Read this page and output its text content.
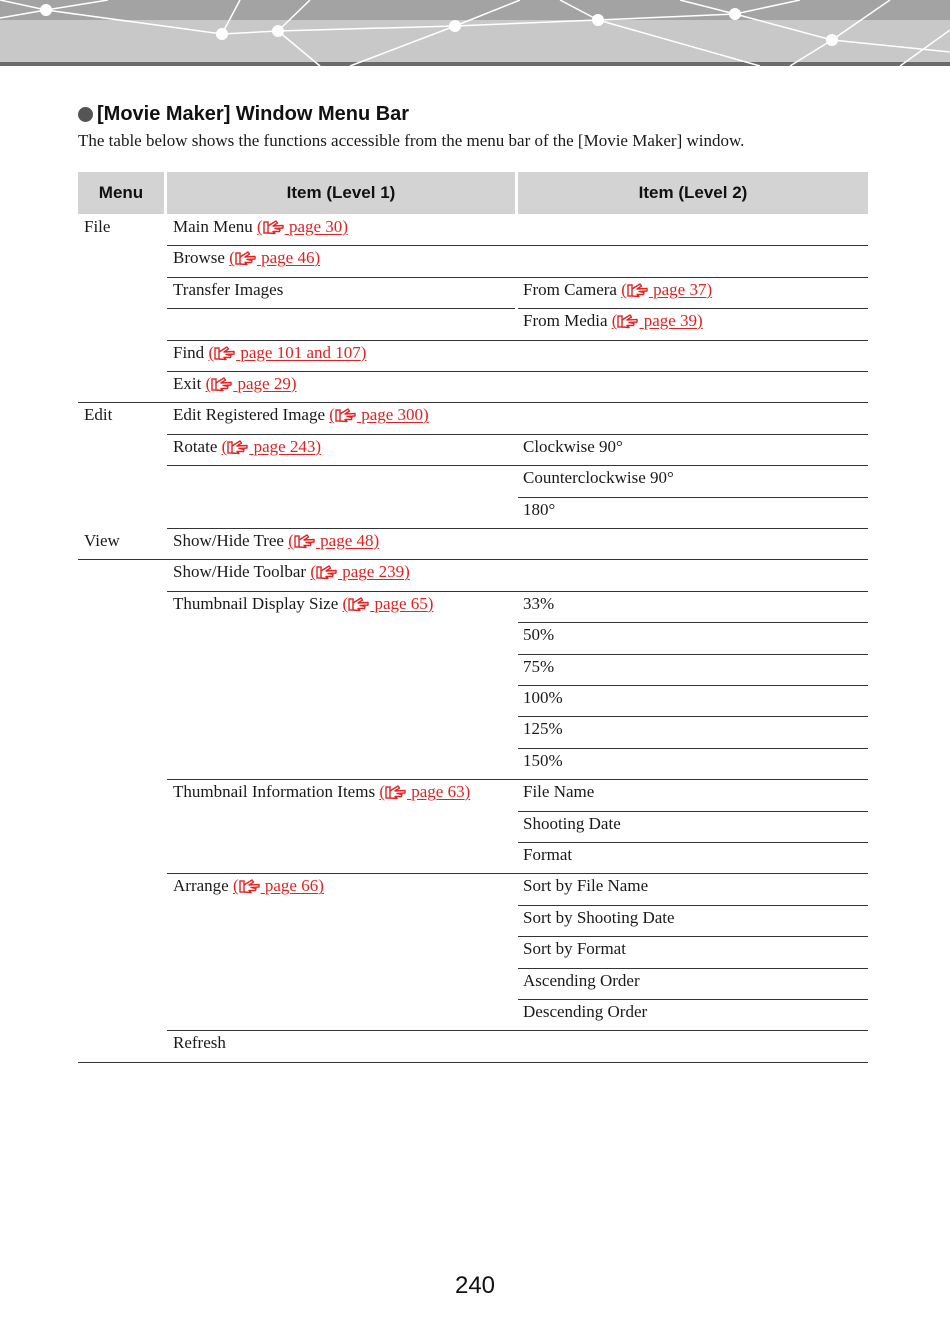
[Movie Maker] Window Menu Bar
The table below shows the functions accessible from the menu bar of the [Movie Maker] window.
Menu	Item (Level 1)	Item (Level 2)
File
Edit
View
Main Menu ( page 30)
Browse ( page 46)
Transfer Images
Find ( page 101 and 107)
Exit ( page 29)
Edit Registered Image ( page 300)
Rotate ( page 243)
Show/Hide Tree ( page 48)
Show/Hide Toolbar ( page 239)
Thumbnail Display Size ( page 65)
Thumbnail Information Items ( page 63)
Arrange ( page 66)
Refresh
From Camera ( page 37)
From Media ( page 39)
Clockwise 90°
Counterclockwise 90°
180°
33%
50%
75%
100%
125%
150%
File Name
Shooting Date
Format
Sort by File Name
Sort by Shooting Date
Sort by Format
Ascending Order
Descending Order
240
